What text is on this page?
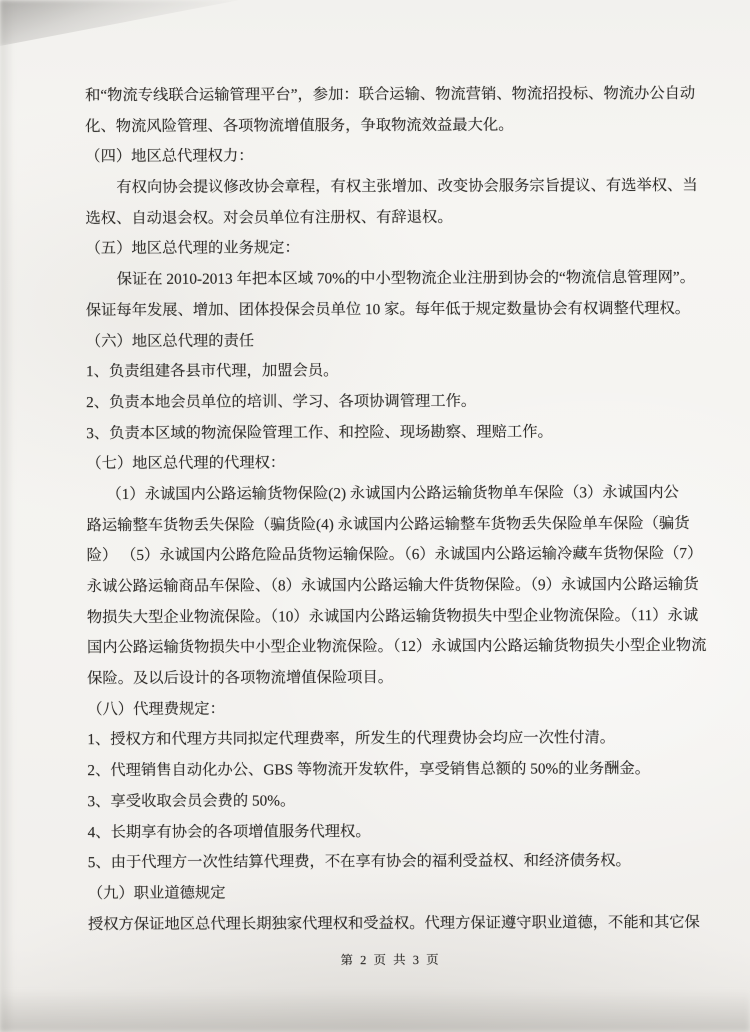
和“物流专线联合运输管理平台”，参加：联合运输、物流营销、物流招投标、物流办公自动
化、物流风险管理、各项物流增值服务，争取物流效益最大化。
（四）地区总代理权力：
有权向协会提议修改协会章程，有权主张增加、改变协会服务宗旨提议、有选举权、当
选权、自动退会权。对会员单位有注册权、有辞退权。
（五）地区总代理的业务规定：
保证在 2010-2013 年把本区域 70%的中小型物流企业注册到协会的“物流信息管理网”。
保证每年发展、增加、团体投保会员单位 10 家。每年低于规定数量协会有权调整代理权。
（六）地区总代理的责任
1、负责组建各县市代理，加盟会员。
2、负责本地会员单位的培训、学习、各项协调管理工作。
3、负责本区域的物流保险管理工作、和控险、现场勘察、理赔工作。
（七）地区总代理的代理权：
（1）永诚国内公路运输货物保险(2) 永诚国内公路运输货物单车保险（3）永诚国内公
路运输整车货物丢失保险（骗货险(4) 永诚国内公路运输整车货物丢失保险单车保险（骗货
险） （5）永诚国内公路危险品货物运输保险。（6）永诚国内公路运输冷藏车货物保险（7）
永诚公路运输商品车保险、（8）永诚国内公路运输大件货物保险。（9）永诚国内公路运输货
物损失大型企业物流保险。（10）永诚国内公路运输货物损失中型企业物流保险。（11）永诚
国内公路运输货物损失中小型企业物流保险。（12）永诚国内公路运输货物损失小型企业物流
保险。及以后设计的各项物流增值保险项目。
（八）代理费规定：
1、授权方和代理方共同拟定代理费率，所发生的代理费协会均应一次性付清。
2、代理销售自动化办公、GBS 等物流开发软件，享受销售总额的 50%的业务酬金。
3、享受收取会员会费的 50%。
4、长期享有协会的各项增值服务代理权。
5、由于代理方一次性结算代理费，不在享有协会的福利受益权、和经济债务权。
（九）职业道德规定
授权方保证地区总代理长期独家代理权和受益权。代理方保证遵守职业道德，不能和其它保
第 2 页 共 3 页
